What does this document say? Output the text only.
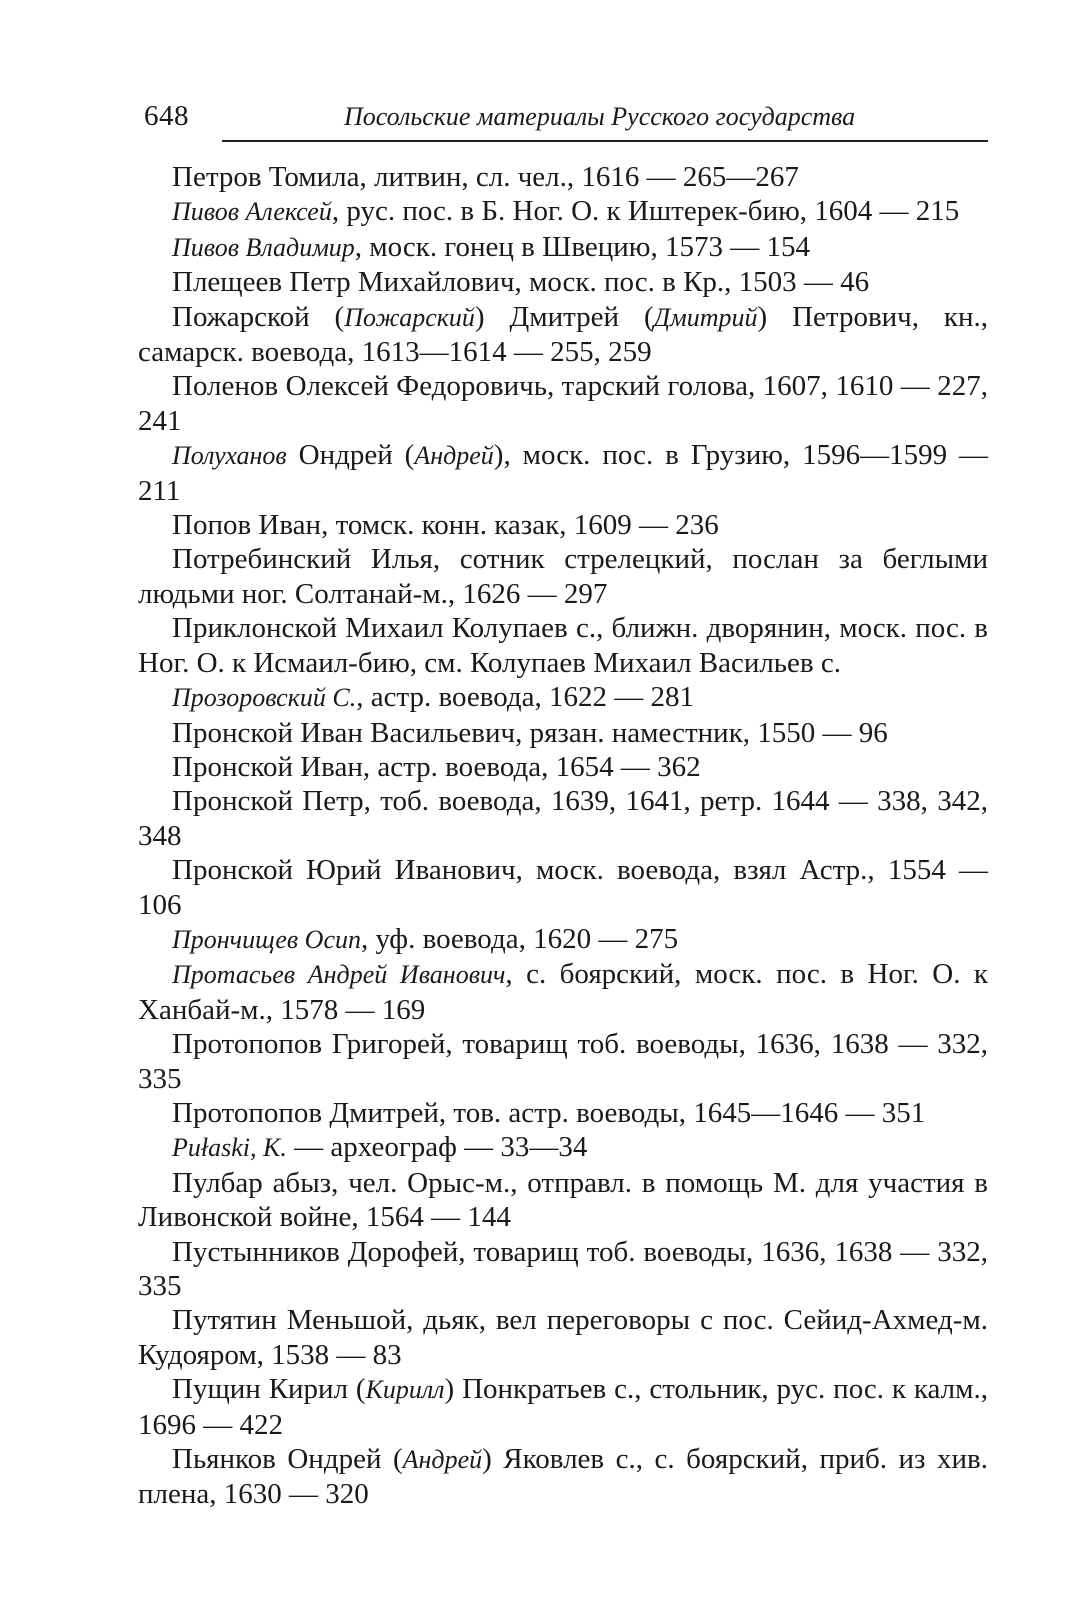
648	Посольские материалы Русского государства

Петров Томила, литвин, сл. чел., 1616 — 265—267

Пивов Алексей, рус. пос. в Б. Ног. О. к Иштерек-бию, 1604 — 215

Пивов Владимир, моск. гонец в Швецию, 1573 — 154

Плещеев Петр Михайлович, моск. пос. в Кр., 1503 — 46

Пожарской (Пожарский) Дмитрей (Дмитрий) Петрович, кн., самарск. воевода, 1613—1614 — 255, 259

Поленов Олексей Федоровичь, тарский голова, 1607, 1610 — 227, 241

Полуханов Ондрей (Андрей), моск. пос. в Грузию, 1596—1599 — 211

Попов Иван, томск. конн. казак, 1609 — 236

Потребинский Илья, сотник стрелецкий, послан за беглыми людьми ног. Солтанай-м., 1626 — 297

Приклонской Михаил Колупаев с., ближн. дворянин, моск. пос. в Ног. О. к Исмаил-бию, см. Колупаев Михаил Васильев с.

Прозоровский С., астр. воевода, 1622 — 281

Пронской Иван Васильевич, рязан. наместник, 1550 — 96

Пронской Иван, астр. воевода, 1654 — 362

Пронской Петр, тоб. воевода, 1639, 1641, ретр. 1644 — 338, 342, 348

Пронской Юрий Иванович, моск. воевода, взял Астр., 1554 — 106

Прончищев Осип, уф. воевода, 1620 — 275

Протасьев Андрей Иванович, с. боярский, моск. пос. в Ног. О. к Ханбай-м., 1578 — 169

Протопопов Григорей, товарищ тоб. воеводы, 1636, 1638 — 332, 335

Протопопов Дмитрей, тов. астр. воеводы, 1645—1646 — 351

Pułaski, K. — археограф — 33—34

Пулбар абыз, чел. Орыс-м., отправл. в помощь М. для участия в Ливонской войне, 1564 — 144

Пустынников Дорофей, товарищ тоб. воеводы, 1636, 1638 — 332, 335

Путятин Меньшой, дьяк, вел переговоры с пос. Сейид-Ахмед-м. Кудояром, 1538 — 83

Пущин Кирил (Кирилл) Понкратьев с., стольник, рус. пос. к калм., 1696 — 422

Пьянков Ондрей (Андрей) Яковлев с., с. боярский, приб. из хив. плена, 1630 — 320
